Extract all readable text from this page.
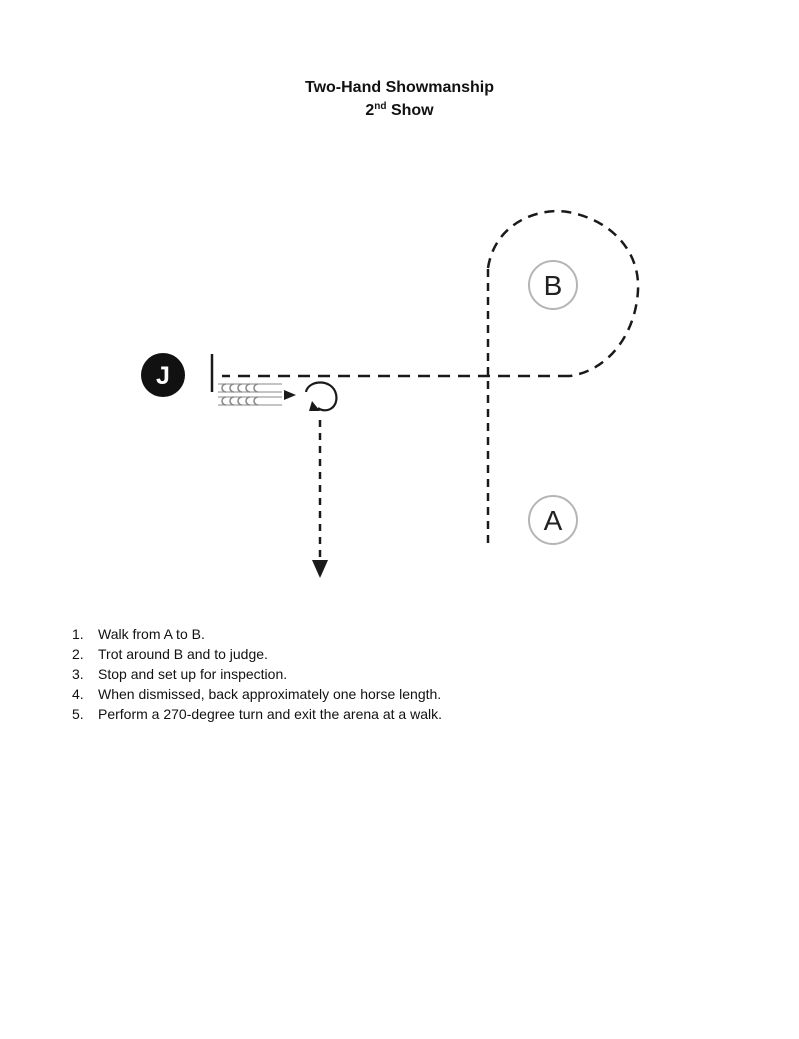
Two-Hand Showmanship

2nd Show

J
B
A
1. Walk from A to B.
2. Trot around B and to judge.
3. Stop and set up for inspection.
4. When dismissed, back approximately one horse length.
5. Perform a 270-degree turn and exit the arena at a walk.
